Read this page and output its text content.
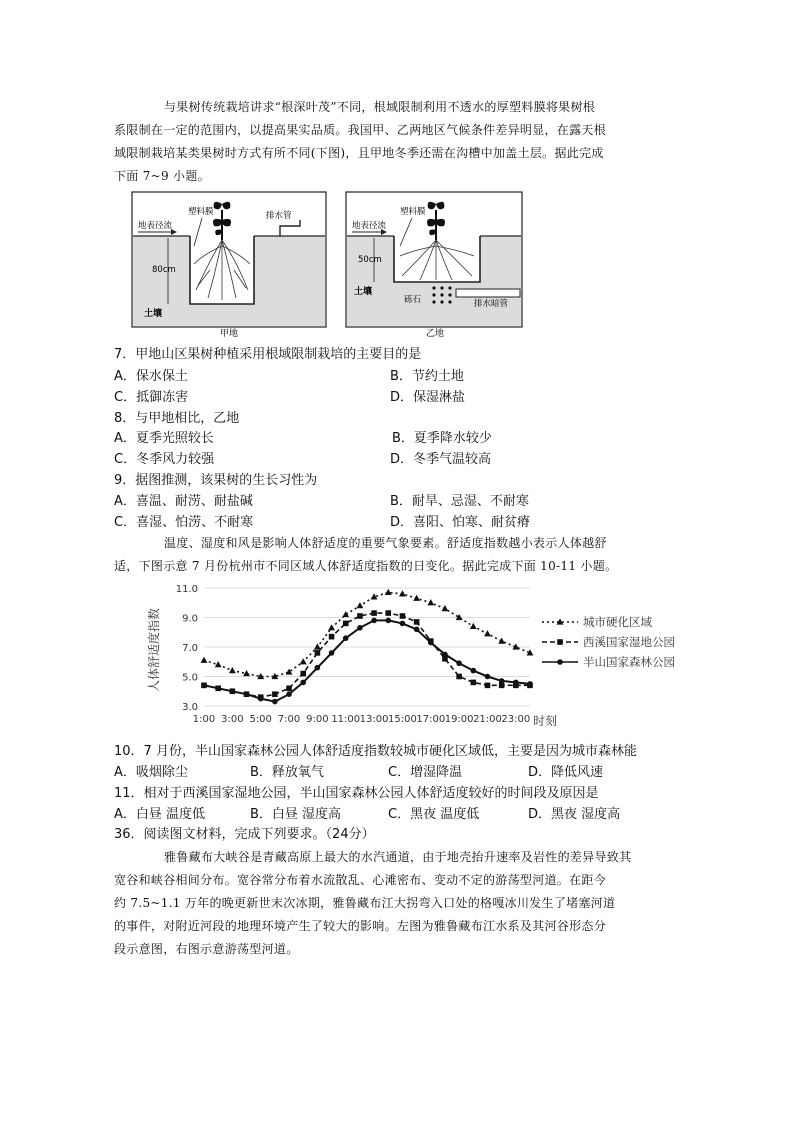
与果树传统栽培讲求“根深叶茂”不同，根域限制利用不透水的厚塑料膜将果树根
系限制在一定的范围内，以提高果实品质。我国甲、乙两地区气候条件差异明显，在露天根
域限制栽培某类果树时方式有所不同(下图)，且甲地冬季还需在沟槽中加盖土层。据此完成
下面 7~9 小题。
排水管
地表径流
塑料膜
80cm
土壤
甲地
砾石	排水暗管
地表径流
塑料膜
50cm
土壤
乙地
7．甲地山区果树种植采用根域限制栽培的主要目的是
A．保水保土	B．节约土地
C．抵御冻害	D．保湿淋盐
8．与甲地相比，乙地
A．夏季光照较长	B．夏季降水较少
C．冬季风力较强	D．冬季气温较高
9．据图推测，该果树的生长习性为
A．喜温、耐涝、耐盐碱	B．耐旱、忌湿、不耐寒
C．喜湿、怕涝、不耐寒	D．喜阳、怕寒、耐贫瘠
温度、湿度和风是影响人体舒适度的重要气象要素。舒适度指数越小表示人体越舒
适，下图示意 7 月份杭州市不同区域人体舒适度指数的日变化。据此完成下面 10-11 小题。
人体舒适度指数
3.0
5.0
7.0
9.0
11.0
1:00 3:00 5:00 7:00 9:00 11:00 13:00 15:00 17:00 19:00 21:00 23:00 时刻
城市硬化区域
西溪国家湿地公园
半山国家森林公园
10．7 月份，半山国家森林公园人体舒适度指数较城市硬化区域低，主要是因为城市森林能
A．吸烟除尘	B．释放氧气	C．增湿降温	D．降低风速
11．相对于西溪国家湿地公园，半山国家森林公园人体舒适度较好的时间段及原因是
A．白昼 温度低	B．白昼 湿度高	C．黑夜 温度低	D．黑夜 湿度高
36．阅读图文材料，完成下列要求。（24分）
雅鲁藏布大峡谷是青藏高原上最大的水汽通道，由于地壳抬升速率及岩性的差异导致其
宽谷和峡谷相间分布。宽谷常分布着水流散乱、心滩密布、变动不定的游荡型河道。在距今
约 7.5~1.1 万年的晚更新世末次冰期，雅鲁藏布江大拐弯入口处的格嘎冰川发生了堵塞河道
的事件，对附近河段的地理环境产生了较大的影响。左图为雅鲁藏布江水系及其河谷形态分
段示意图，右图示意游荡型河道。
